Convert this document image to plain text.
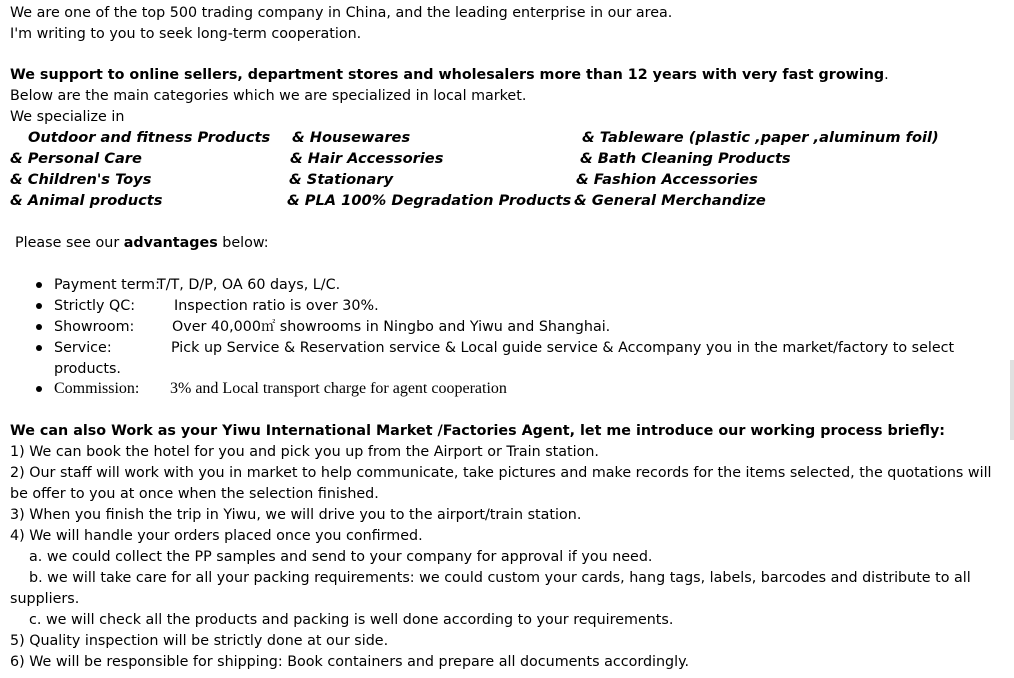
We are one of the top 500 trading company in China, and the leading enterprise in our area.
I'm writing to you to seek long-term cooperation.
We support to online sellers, department stores and wholesalers more than 12 years with very fast growing.
Below are the main categories which we are specialized in local market.
We specialize in
Outdoor and fitness Products & Housewares	& Tableware (plastic ,paper ,aluminum foil)
& Personal Care	& Hair Accessories	& Bath Cleaning Products
& Children's Toys	& Stationary	& Fashion Accessories
& Animal products	& PLA 100% Degradation Products & General Merchandize
Please see our advantages below:
Payment term:
T/T, D/P, OA 60 days, L/C.
Strictly QC:	Inspection ratio is over 30%.
Showroom:	Over 40,000㎡ showrooms in Ningbo and Yiwu and Shanghai.
Service:	Pick up Service & Reservation service & Local guide service & Accompany you in the market/factory to select
products.
Commission: 3% and Local transport charge for agent cooperation
We can also Work as your Yiwu International Market /Factories Agent, let me introduce our working process briefly:
1) We can book the hotel for you and pick you up from the Airport or Train station.
2) Our staff will work with you in market to help communicate, take pictures and make records for the items selected, the quotations will
be offer to you at once when the selection finished.
3) When you finish the trip in Yiwu, we will drive you to the airport/train station.
4) We will handle your orders placed once you confirmed.
a. we could collect the PP samples and send to your company for approval if you need.
b. we will take care for all your packing requirements: we could custom your cards, hang tags, labels, barcodes and distribute to all
suppliers.
c. we will check all the products and packing is well done according to your requirements.
5) Quality inspection will be strictly done at our side.
6) We will be responsible for shipping: Book containers and prepare all documents accordingly.
